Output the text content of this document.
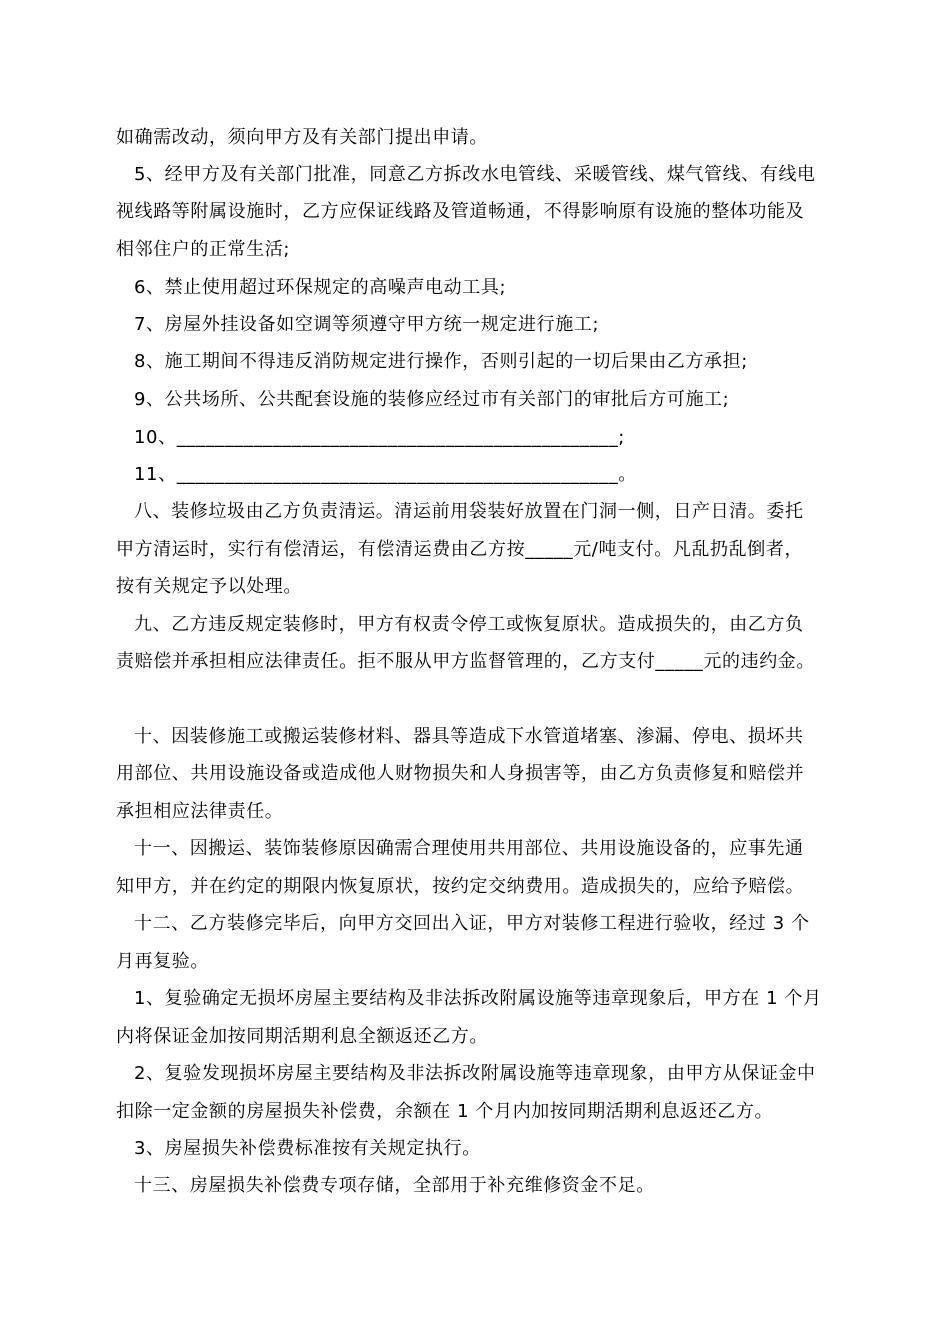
如确需改动，须向甲方及有关部门提出申请。
5、经甲方及有关部门批准，同意乙方拆改水电管线、采暖管线、煤气管线、有线电
视线路等附属设施时，乙方应保证线路及管道畅通，不得影响原有设施的整体功能及
相邻住户的正常生活;
6、禁止使用超过环保规定的高噪声电动工具;
7、房屋外挂设备如空调等须遵守甲方统一规定进行施工;
8、施工期间不得违反消防规定进行操作，否则引起的一切后果由乙方承担;
9、公共场所、公共配套设施的装修应经过市有关部门的审批后方可施工;
10、______________________________________________;
11、______________________________________________。
八、装修垃圾由乙方负责清运。清运前用袋装好放置在门洞一侧，日产日清。委托
甲方清运时，实行有偿清运，有偿清运费由乙方按_____元/吨支付。凡乱扔乱倒者，
按有关规定予以处理。
九、乙方违反规定装修时，甲方有权责令停工或恢复原状。造成损失的，由乙方负
责赔偿并承担相应法律责任。拒不服从甲方监督管理的，乙方支付_____元的违约金。
十、因装修施工或搬运装修材料、器具等造成下水管道堵塞、渗漏、停电、损坏共
用部位、共用设施设备或造成他人财物损失和人身损害等，由乙方负责修复和赔偿并
承担相应法律责任。
十一、因搬运、装饰装修原因确需合理使用共用部位、共用设施设备的，应事先通
知甲方，并在约定的期限内恢复原状，按约定交纳费用。造成损失的，应给予赔偿。
十二、乙方装修完毕后，向甲方交回出入证，甲方对装修工程进行验收，经过 3 个
月再复验。
1、复验确定无损坏房屋主要结构及非法拆改附属设施等违章现象后，甲方在 1 个月
内将保证金加按同期活期利息全额返还乙方。
2、复验发现损坏房屋主要结构及非法拆改附属设施等违章现象，由甲方从保证金中
扣除一定金额的房屋损失补偿费，余额在 1 个月内加按同期活期利息返还乙方。
3、房屋损失补偿费标准按有关规定执行。
十三、房屋损失补偿费专项存储，全部用于补充维修资金不足。
